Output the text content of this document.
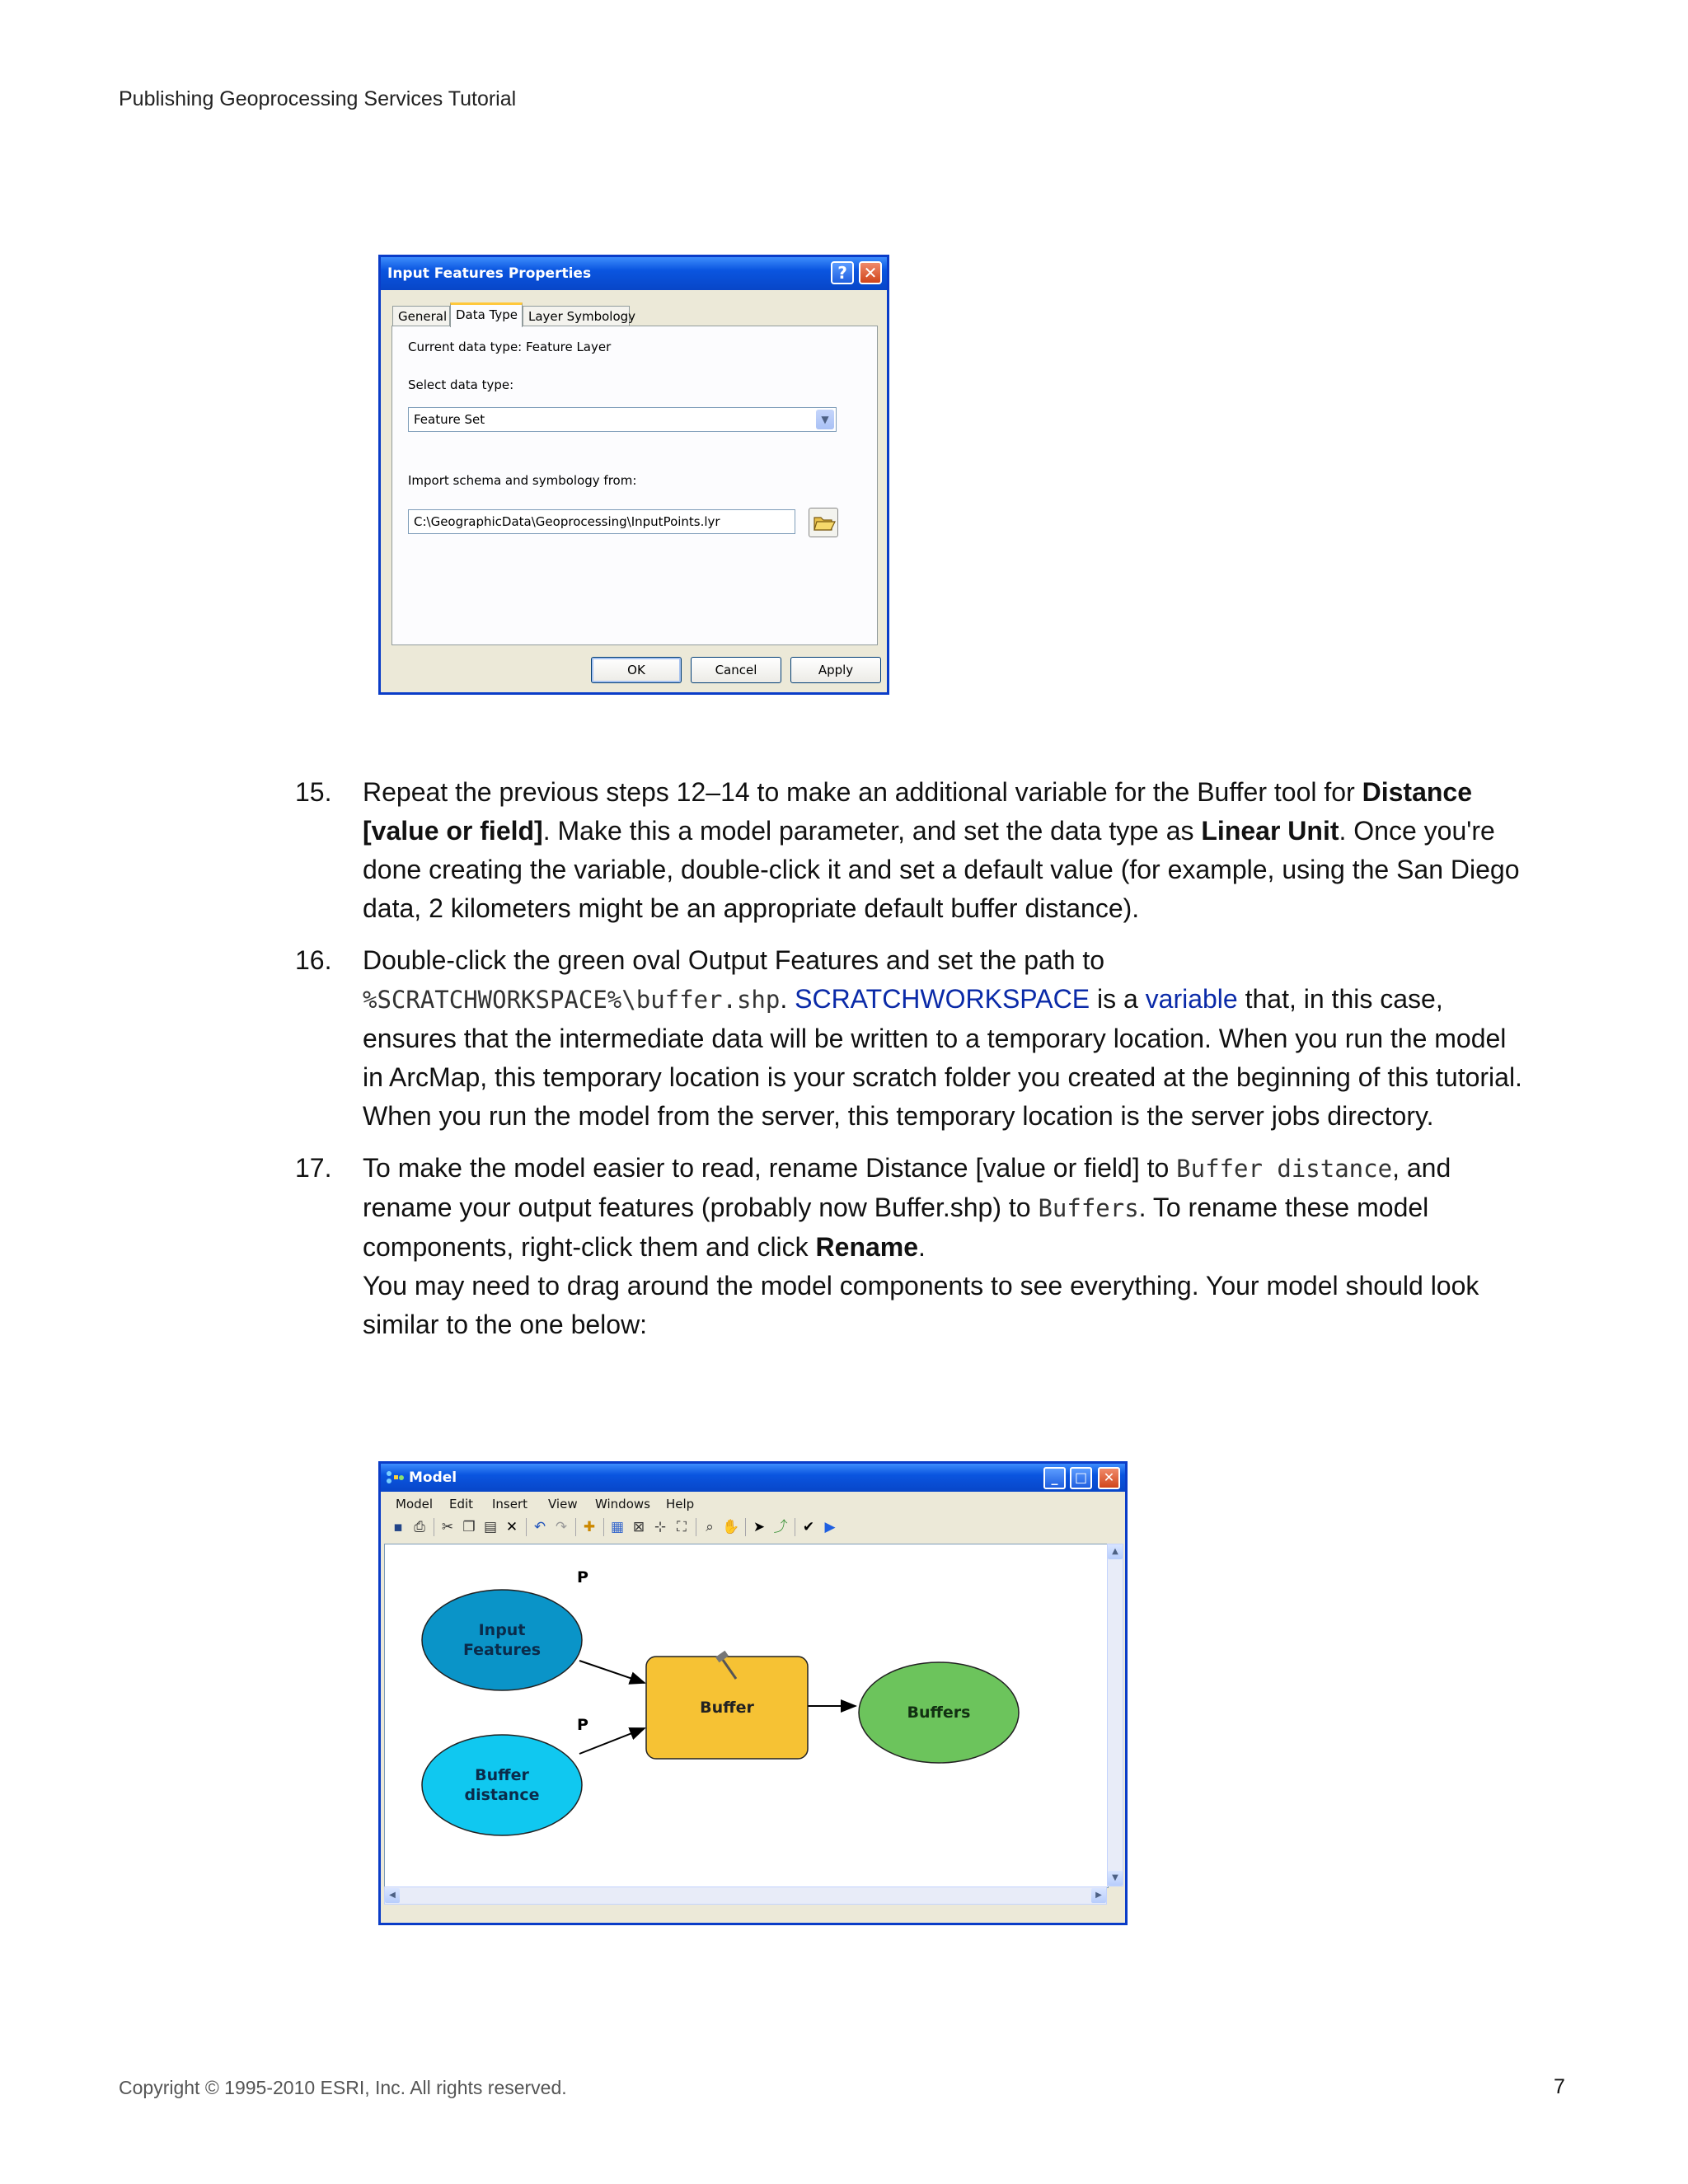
Publishing Geoprocessing Services Tutorial
Input Features Properties	? ✕
General Data Type Layer Symbology
Current data type: Feature Layer
Select data type:
Feature Set	▼
Import schema and symbology from:
C:\GeographicData\Geoprocessing\InputPoints.lyr
OK	Cancel	Apply
15. Repeat the previous steps 12–14 to make an additional variable for the Buffer tool for Distance [value or field]. Make this a model parameter, and set the data type as Linear Unit. Once you're done creating the variable, double-click it and set a default value (for example, using the San Diego data, 2 kilometers might be an appropriate default buffer distance).
16. Double-click the green oval Output Features and set the path to %SCRATCHWORKSPACE%\buffer.shp. SCRATCHWORKSPACE is a variable that, in this case, ensures that the intermediate data will be written to a temporary location. When you run the model in ArcMap, this temporary location is your scratch folder you created at the beginning of this tutorial. When you run the model from the server, this temporary location is the server jobs directory.
17. To make the model easier to read, rename Distance [value or field] to Buffer distance, and rename your output features (probably now Buffer.shp) to Buffers. To rename these model components, right-click them and click Rename.
You may need to drag around the model components to see everything. Your model should look similar to the one below:
Model	_	□	✕
Model Edit Insert View Windows Help
▪ ⎙ ✂ ❐ ▤ ✕ ↶ ↷ ✚ ▦ ⊠ ⊹ ⛶	⌕ ✋ ➤ ⤴ ✔ ▶
P
Input
Features
P
Buffer
distance
Buffer	Buffers
▲
▼
◀	▶
Copyright © 1995-2010 ESRI, Inc. All rights reserved.	7
